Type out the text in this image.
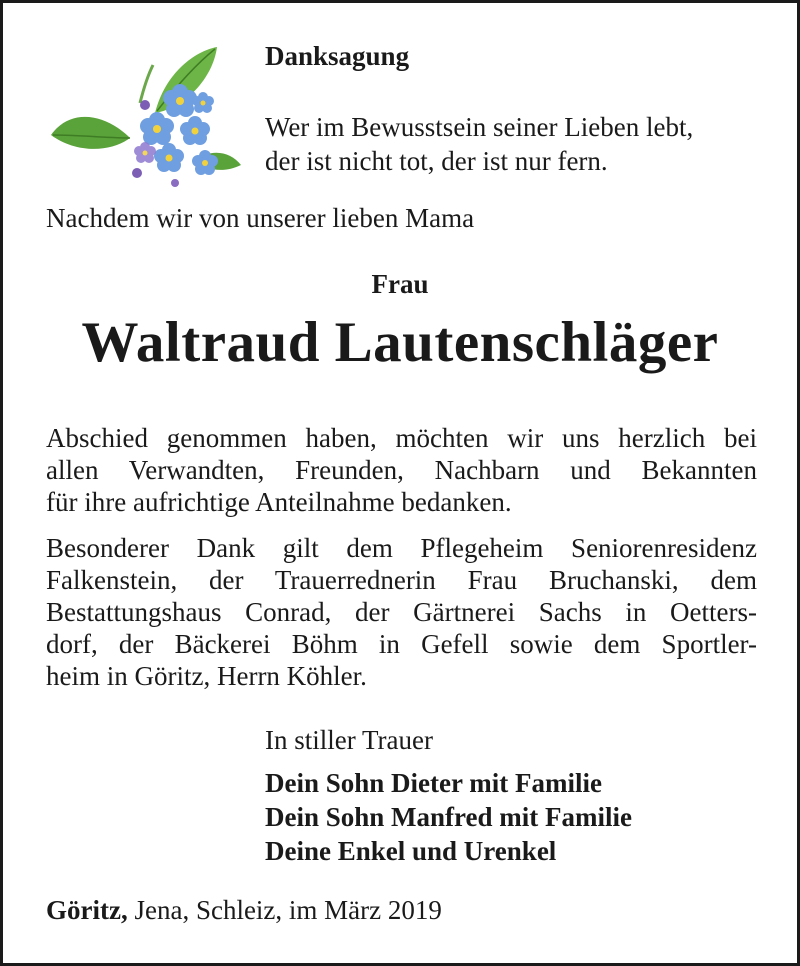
Danksagung
Wer im Bewusstsein seiner Lieben lebt,
der ist nicht tot, der ist nur fern.
Nachdem wir von unserer lieben Mama
Frau
Waltraud Lautenschläger
Abschied genommen haben, möchten wir uns herzlich bei
allen Verwandten, Freunden, Nachbarn und Bekannten
für ihre aufrichtige Anteilnahme bedanken.
Besonderer Dank gilt dem Pflegeheim Seniorenresidenz
Falkenstein, der Trauerrednerin Frau Bruchanski, dem
Bestattungshaus Conrad, der Gärtnerei Sachs in Oetters-
dorf, der Bäckerei Böhm in Gefell sowie dem Sportler-
heim in Göritz, Herrn Köhler.
In stiller Trauer
Dein Sohn Dieter mit Familie
Dein Sohn Manfred mit Familie
Deine Enkel und Urenkel
Göritz, Jena, Schleiz, im März 2019
